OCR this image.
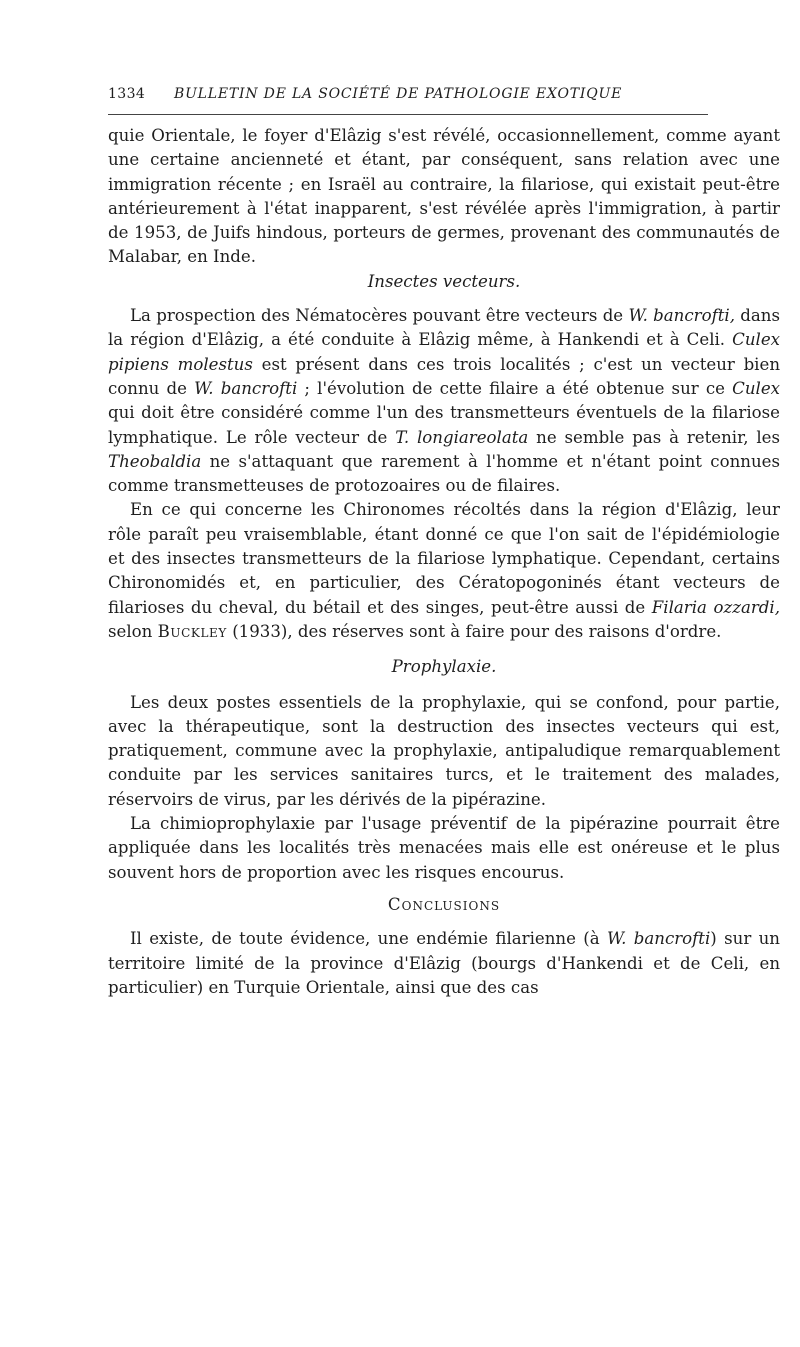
1334	BULLETIN DE LA SOCIÉTÉ DE PATHOLOGIE EXOTIQUE

quie Orientale, le foyer d'Elâzig s'est révélé, occasionnellement, comme ayant une certaine ancienneté et étant, par conséquent, sans relation avec une immigration récente ; en Israël au contraire, la filariose, qui existait peut-être antérieurement à l'état inapparent, s'est révélée après l'immigration, à partir de 1953, de Juifs hindous, porteurs de germes, provenant des communautés de Malabar, en Inde.

Insectes vecteurs.

La prospection des Nématocères pouvant être vecteurs de W. bancrofti, dans la région d'Elâzig, a été conduite à Elâzig même, à Hankendi et à Celi. Culex pipiens molestus est présent dans ces trois localités ; c'est un vecteur bien connu de W. bancrofti ; l'évolution de cette filaire a été obtenue sur ce Culex qui doit être considéré comme l'un des transmetteurs éventuels de la filariose lymphatique. Le rôle vecteur de T. longiareolata ne semble pas à retenir, les Theobaldia ne s'attaquant que rarement à l'homme et n'étant point connues comme transmetteuses de protozoaires ou de filaires.

En ce qui concerne les Chironomes récoltés dans la région d'Elâzig, leur rôle paraît peu vraisemblable, étant donné ce que l'on sait de l'épidémiologie et des insectes transmetteurs de la filariose lymphatique. Cependant, certains Chironomidés et, en particulier, des Cératopogoninés étant vecteurs de filarioses du cheval, du bétail et des singes, peut-être aussi de Filaria ozzardi, selon Buckley (1933), des réserves sont à faire pour des raisons d'ordre.

Prophylaxie.

Les deux postes essentiels de la prophylaxie, qui se confond, pour partie, avec la thérapeutique, sont la destruction des insectes vecteurs qui est, pratiquement, commune avec la prophylaxie, antipaludique remarquablement conduite par les services sanitaires turcs, et le traitement des malades, réservoirs de virus, par les dérivés de la pipérazine.

La chimioprophylaxie par l'usage préventif de la pipérazine pourrait être appliquée dans les localités très menacées mais elle est onéreuse et le plus souvent hors de proportion avec les risques encourus.

Conclusions

Il existe, de toute évidence, une endémie filarienne (à W. bancrofti) sur un territoire limité de la province d'Elâzig (bourgs d'Hankendi et de Celi, en particulier) en Turquie Orientale, ainsi que des cas
